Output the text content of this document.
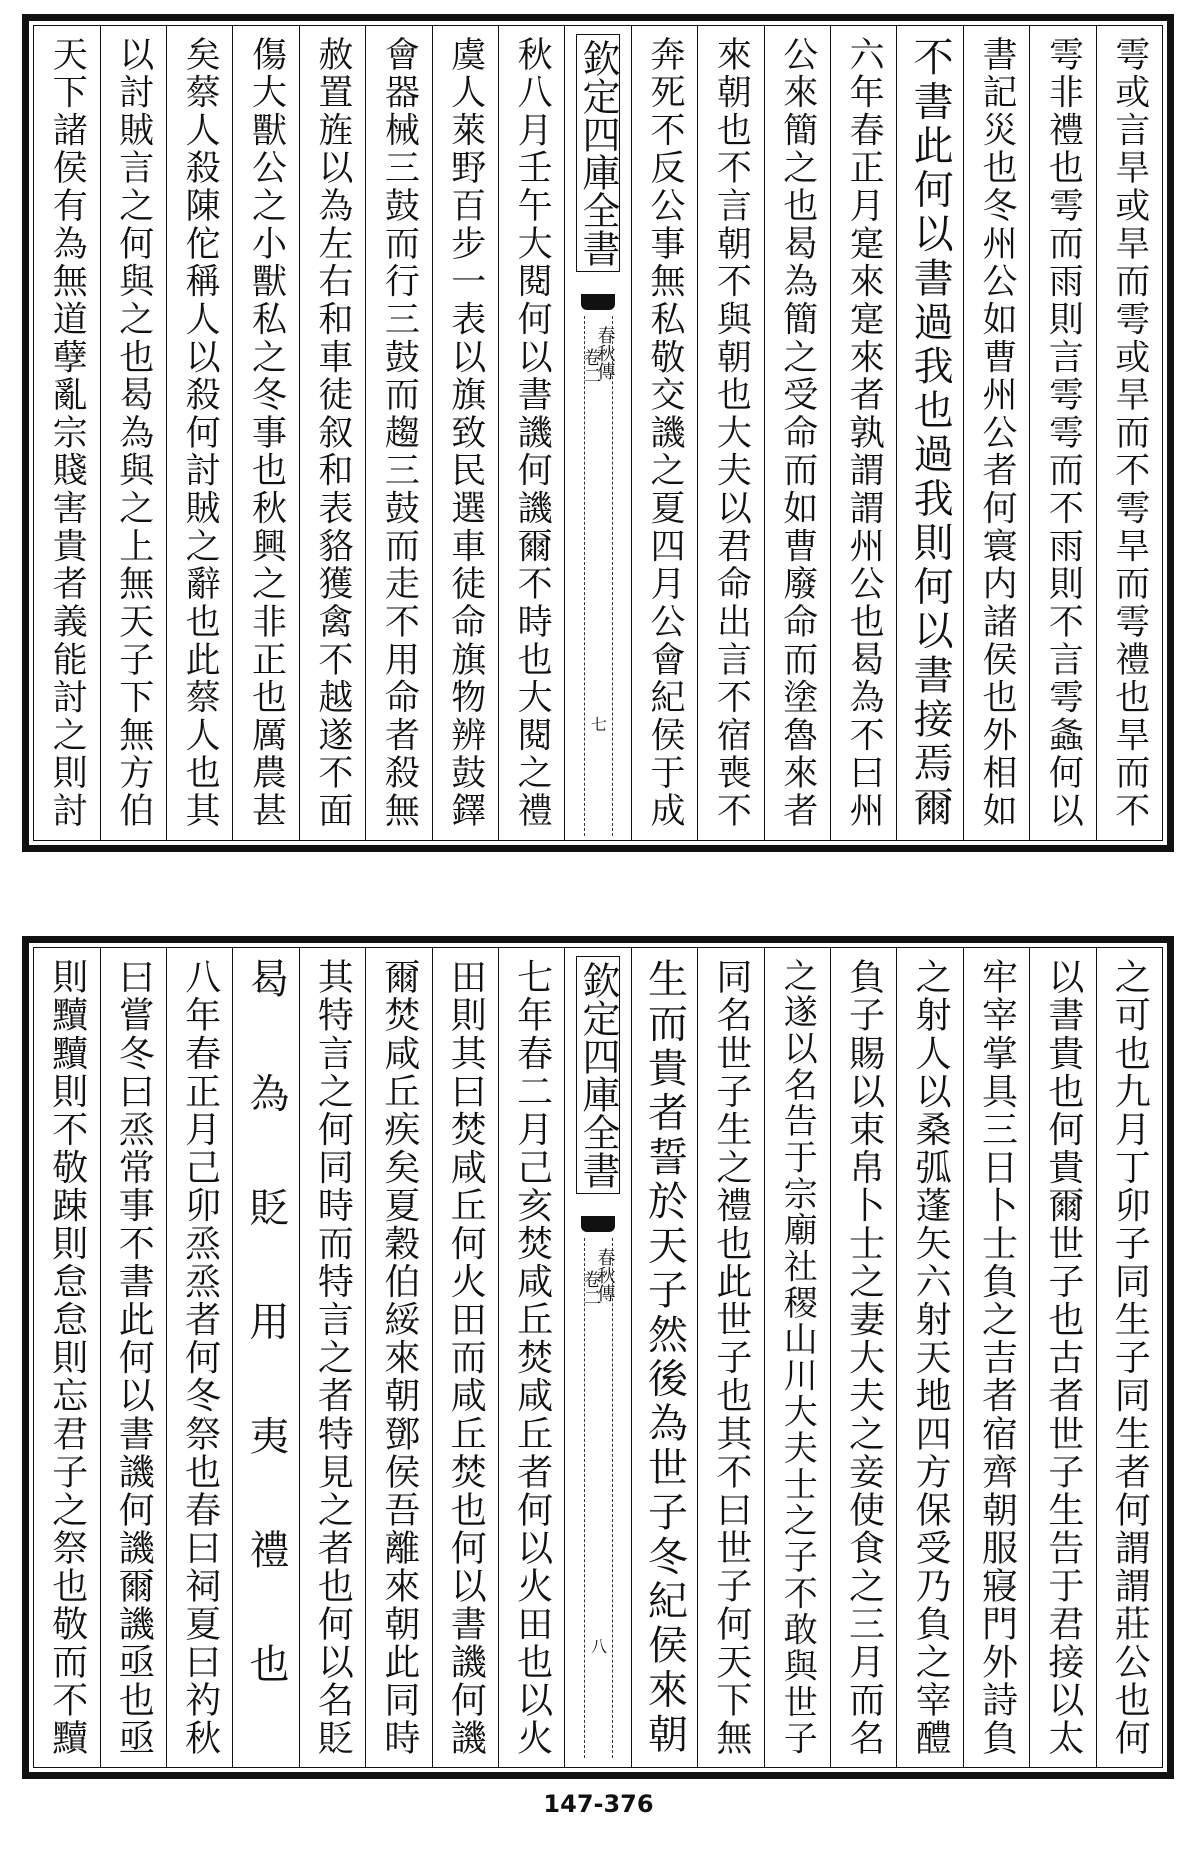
雩或言旱或旱而雩或旱而不雩旱而雩禮也旱而不
雩非禮也雩而雨則言雩雩而不雨則不言雩螽何以
書記災也冬州公如曹州公者何寰内諸侯也外相如
不書此何以書過我也過我則何以書接焉爾
六年春正月寔來寔來者孰謂謂州公也曷為不曰州
公來簡之也曷為簡之受命而如曹廢命而塗魯來者
來朝也不言朝不與朝也大夫以君命出言不宿喪不
奔死不反公事無私敬交譏之夏四月公會紀侯于成
欽定四庫全書
春秋傳
卷二
七
秋八月壬午大閱何以書譏何譏爾不時也大閱之禮
虞人萊野百步一表以旗致民選車徒命旗物辨鼓鐸
會器械三鼓而行三鼓而趨三鼓而走不用命者殺無
赦置旌以為左右和車徒叙和表貉獲禽不越遂不面
傷大獸公之小獸私之冬事也秋興之非正也厲農甚
矣蔡人殺陳佗稱人以殺何討賊之辭也此蔡人也其
以討賊言之何與之也曷為與之上無天子下無方伯
天下諸侯有為無道孽亂宗賤害貴者義能討之則討
之可也九月丁卯子同生子同生者何謂謂莊公也何
以書貴也何貴爾世子也古者世子生告于君接以太
牢宰掌具三日卜士負之吉者宿齊朝服寢門外詩負
之射人以桑弧蓬矢六射天地四方保受乃負之宰醴
負子賜以束帛卜士之妻大夫之妾使食之三月而名
之遂以名告于宗廟社稷山川大夫士之子不敢與世子
同名世子生之禮也此世子也其不曰世子何天下無
生而貴者誓於天子然後為世子冬紀侯來朝
欽定四庫全書
春秋傳
卷二
八
七年春二月己亥焚咸丘焚咸丘者何以火田也以火
田則其曰焚咸丘何火田而咸丘焚也何以書譏何譏
爾焚咸丘疾矣夏穀伯綏來朝鄧侯吾離來朝此同時
其特言之何同時而特言之者特見之者也何以名貶
曷為貶用夷禮也
八年春正月己卯烝烝者何冬祭也春曰祠夏曰礿秋
曰嘗冬曰烝常事不書此何以書譏何譏爾譏亟也亟
則黷黷則不敬踈則怠怠則忘君子之祭也敬而不黷
147-376
